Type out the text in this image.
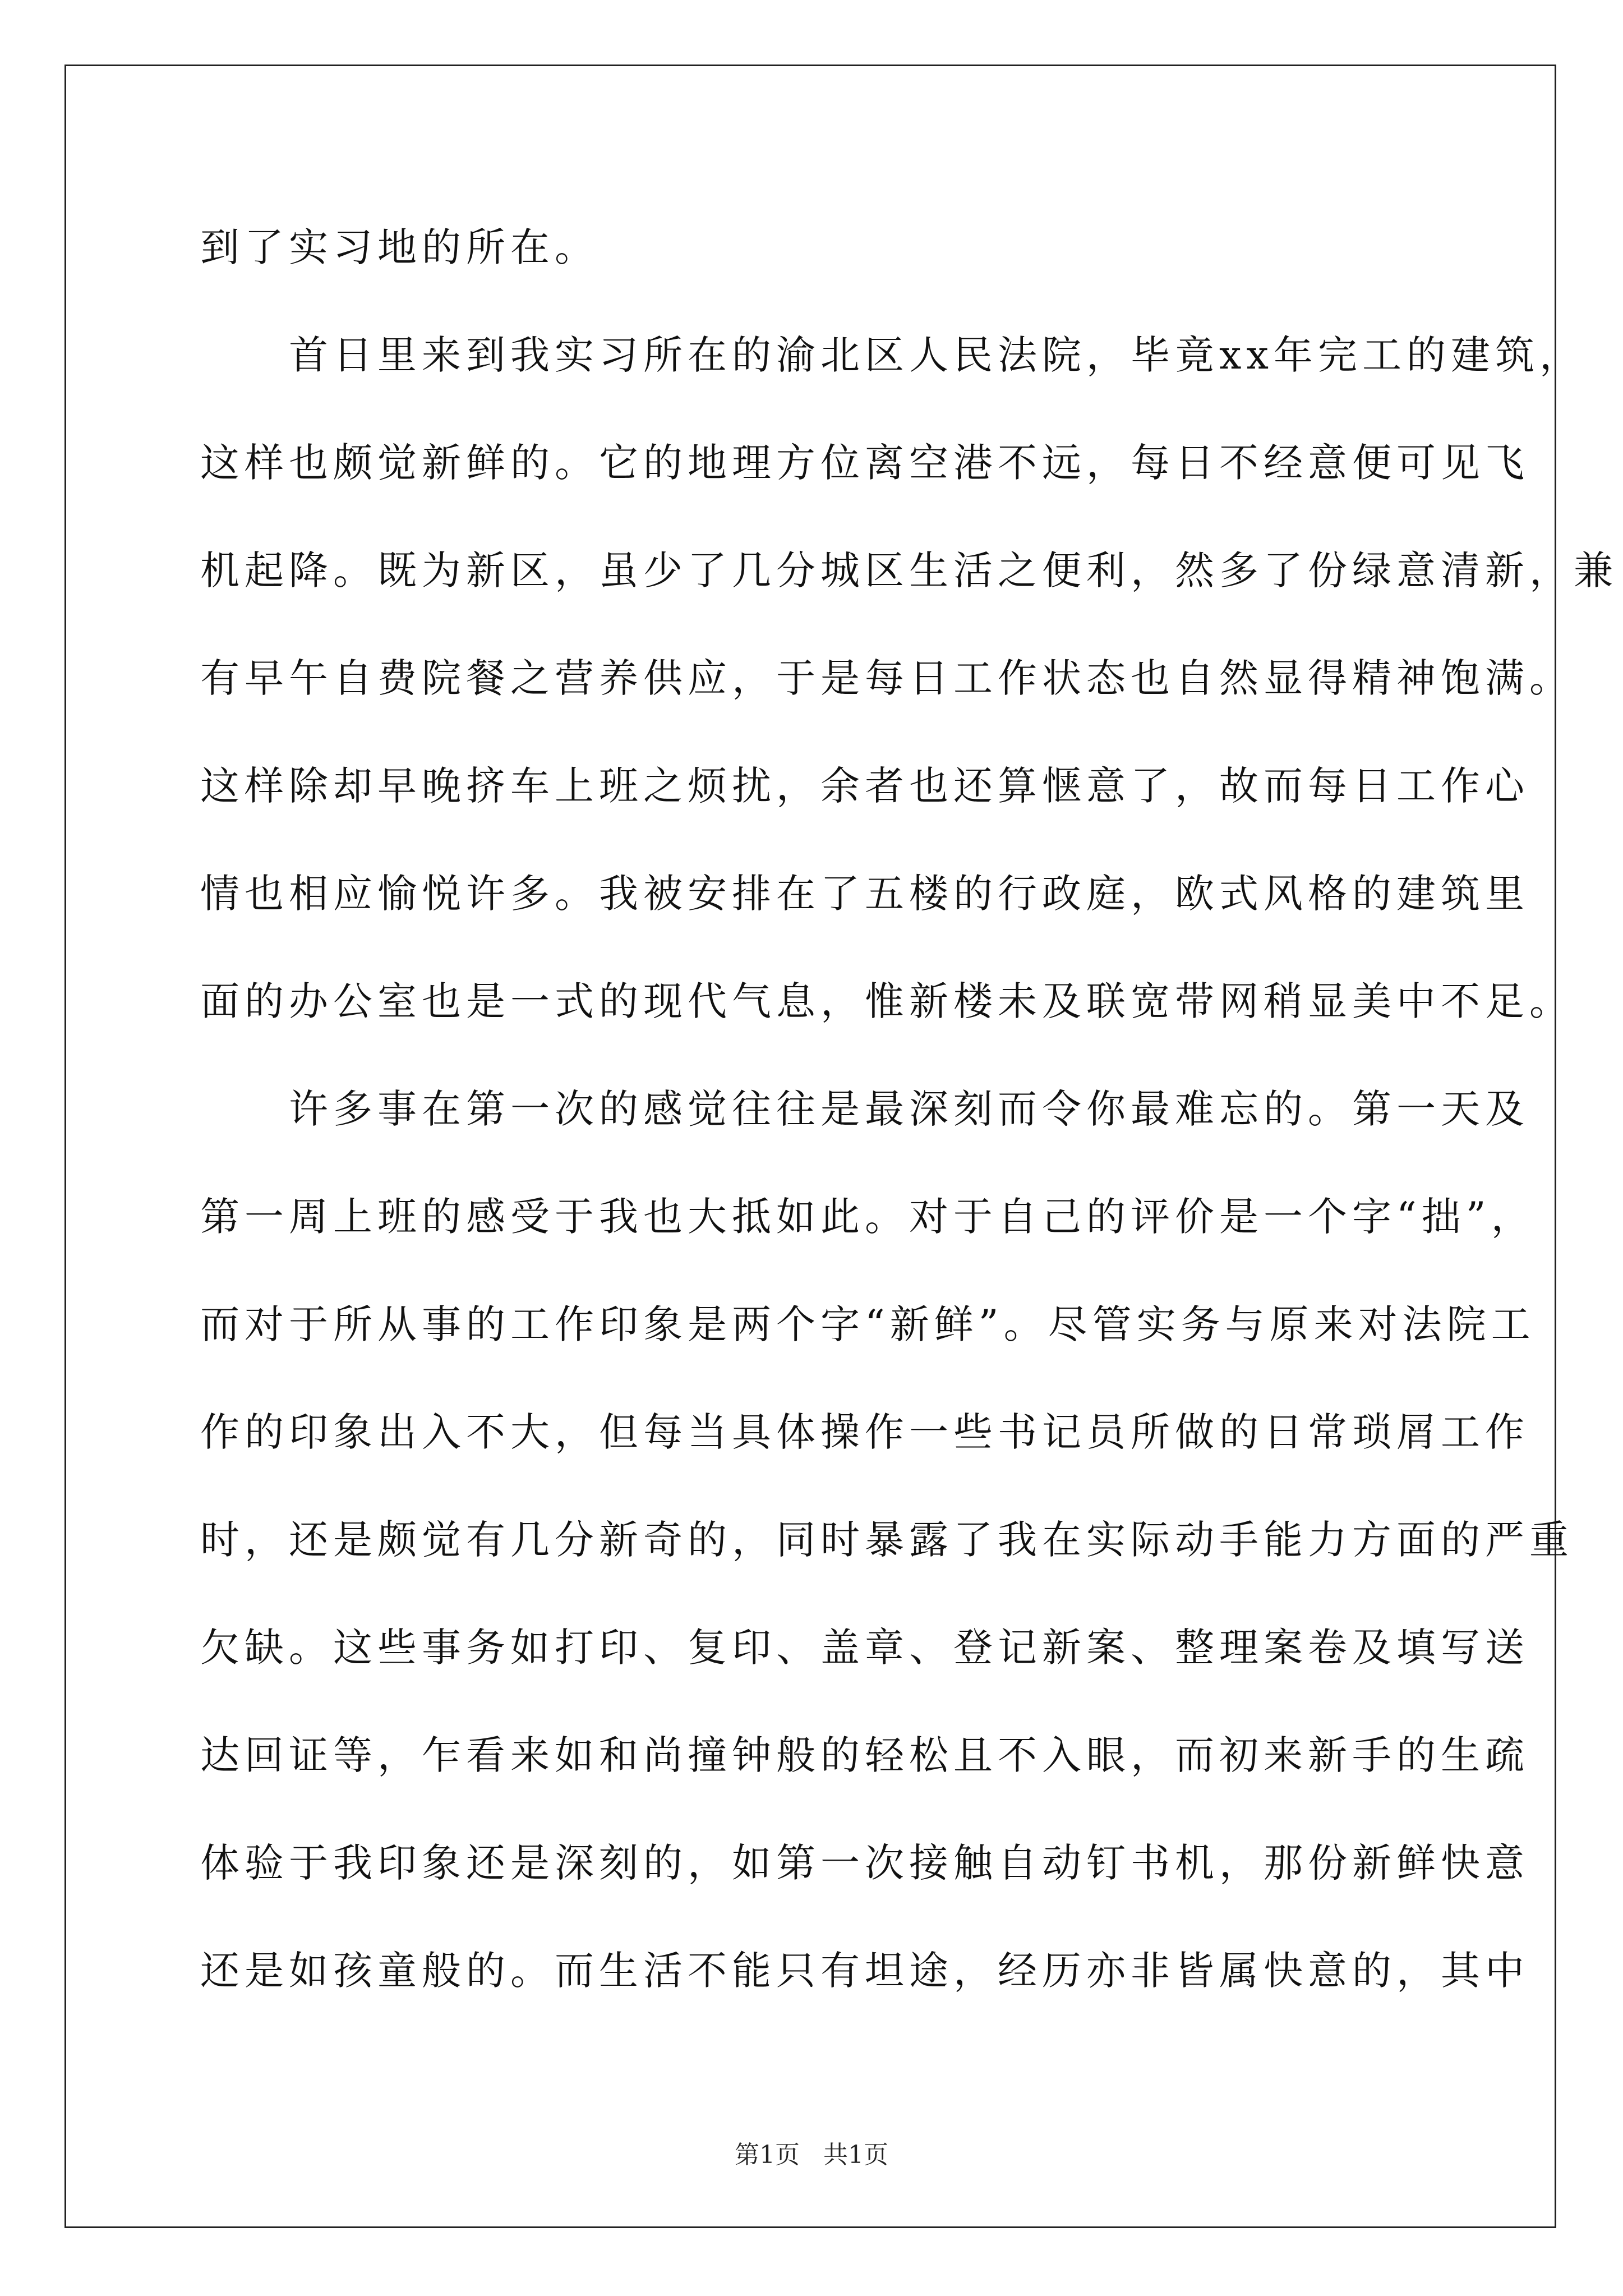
到了实习地的所在。
首日里来到我实习所在的渝北区人民法院，毕竟xx年完工的建筑，
这样也颇觉新鲜的。它的地理方位离空港不远，每日不经意便可见飞
机起降。既为新区，虽少了几分城区生活之便利，然多了份绿意清新，兼
有早午自费院餐之营养供应，于是每日工作状态也自然显得精神饱满。
这样除却早晚挤车上班之烦扰，余者也还算惬意了，故而每日工作心
情也相应愉悦许多。我被安排在了五楼的行政庭，欧式风格的建筑里
面的办公室也是一式的现代气息，惟新楼未及联宽带网稍显美中不足。
许多事在第一次的感觉往往是最深刻而令你最难忘的。第一天及
第一周上班的感受于我也大抵如此。对于自己的评价是一个字“拙”，
而对于所从事的工作印象是两个字“新鲜”。尽管实务与原来对法院工
作的印象出入不大，但每当具体操作一些书记员所做的日常琐屑工作
时，还是颇觉有几分新奇的，同时暴露了我在实际动手能力方面的严重
欠缺。这些事务如打印、复印、盖章、登记新案、整理案卷及填写送
达回证等，乍看来如和尚撞钟般的轻松且不入眼，而初来新手的生疏
体验于我印象还是深刻的，如第一次接触自动钉书机，那份新鲜快意
还是如孩童般的。而生活不能只有坦途，经历亦非皆属快意的，其中
第1页 共1页
